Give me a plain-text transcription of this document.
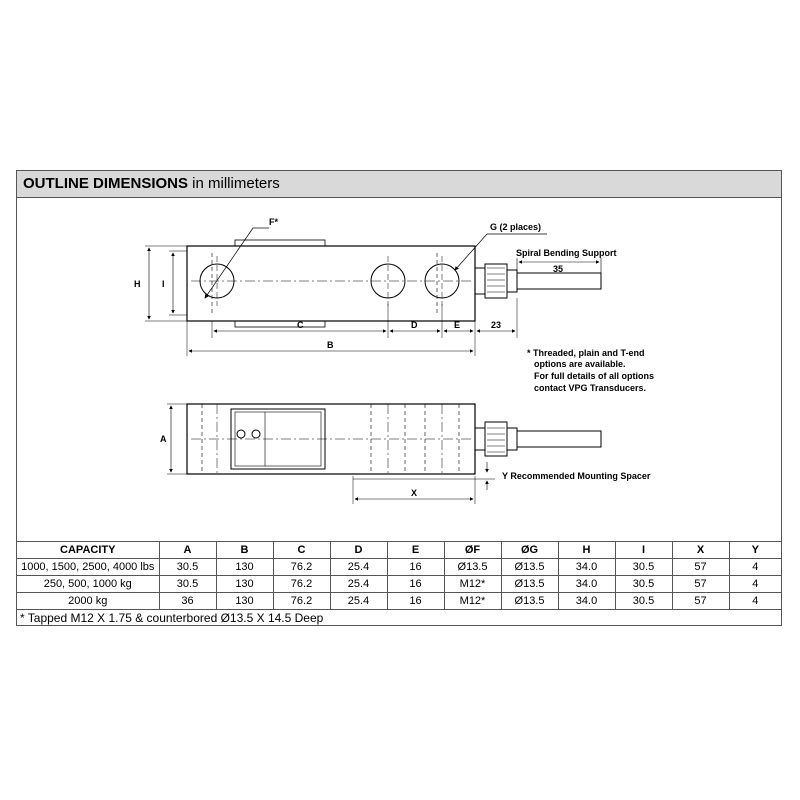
OUTLINE DIMENSIONS in millimeters
F*	G (2 places)
H I
C	D	E	23
B
Spiral Bending Support
35
* Threaded, plain and T-end
options are available.
For full details of all options
contact VPG Transducers.
A
X
Y Recommended Mounting Spacer
CAPACITY	A	B	C	D	E	ØF	ØG	H	I	X	Y
1000, 1500, 2500, 4000 lbs	30.5	130	76.2	25.4	16	Ø13.5	Ø13.5	34.0	30.5	57	4
250, 500, 1000 kg	30.5	130	76.2	25.4	16	M12*	Ø13.5	34.0	30.5	57	4
2000 kg	36	130	76.2	25.4	16	M12*	Ø13.5	34.0	30.5	57	4
* Tapped M12 X 1.75 & counterbored Ø13.5 X 14.5 Deep
